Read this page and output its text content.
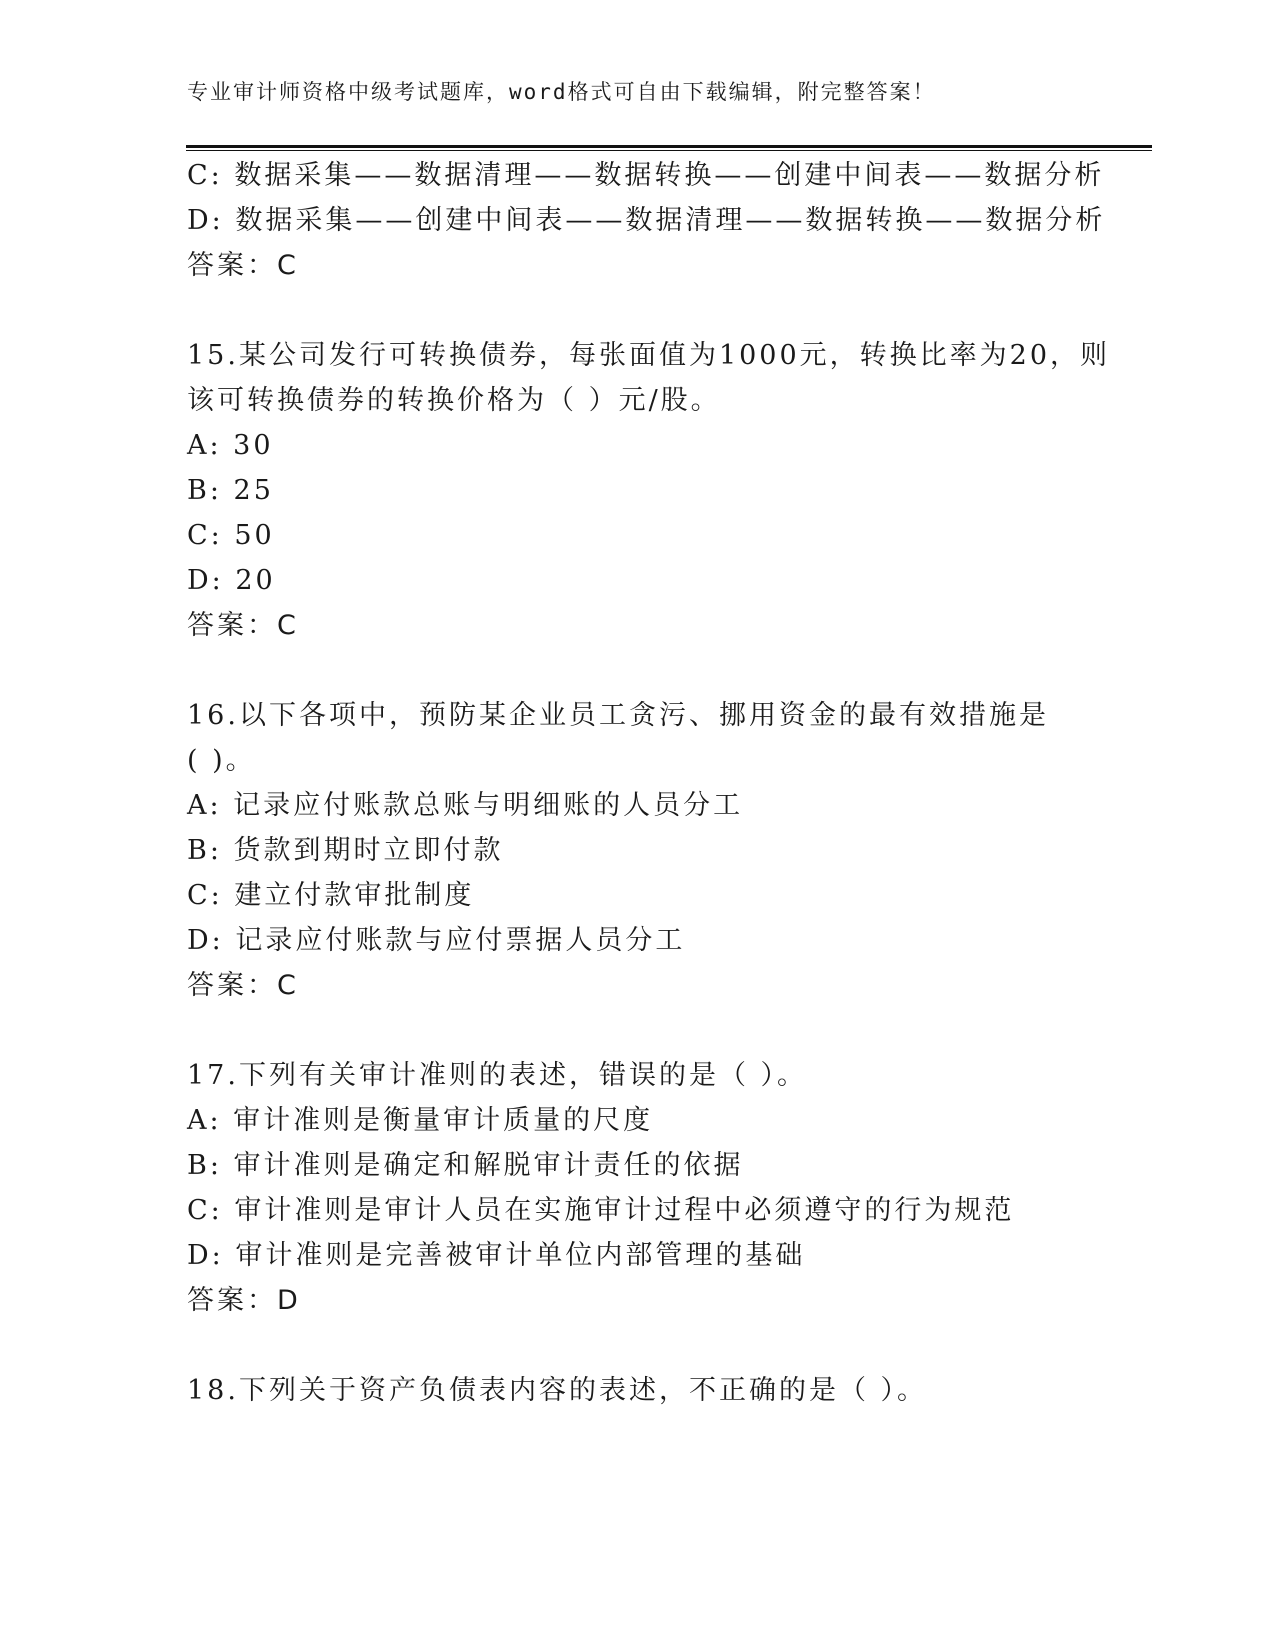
专业审计师资格中级考试题库，word格式可自由下载编辑，附完整答案！
C: 数据采集——数据清理——数据转换——创建中间表——数据分析
D: 数据采集——创建中间表——数据清理——数据转换——数据分析
答案：C
15.某公司发行可转换债券，每张面值为1000元，转换比率为20，则
该可转换债券的转换价格为（ ）元/股。
A: 30
B: 25
C: 50
D: 20
答案：C
16.以下各项中，预防某企业员工贪污、挪用资金的最有效措施是
( )。
A: 记录应付账款总账与明细账的人员分工
B: 货款到期时立即付款
C: 建立付款审批制度
D: 记录应付账款与应付票据人员分工
答案：C
17.下列有关审计准则的表述，错误的是（ ）。
A: 审计准则是衡量审计质量的尺度
B: 审计准则是确定和解脱审计责任的依据
C: 审计准则是审计人员在实施审计过程中必须遵守的行为规范
D: 审计准则是完善被审计单位内部管理的基础
答案：D
18.下列关于资产负债表内容的表述，不正确的是（ ）。
